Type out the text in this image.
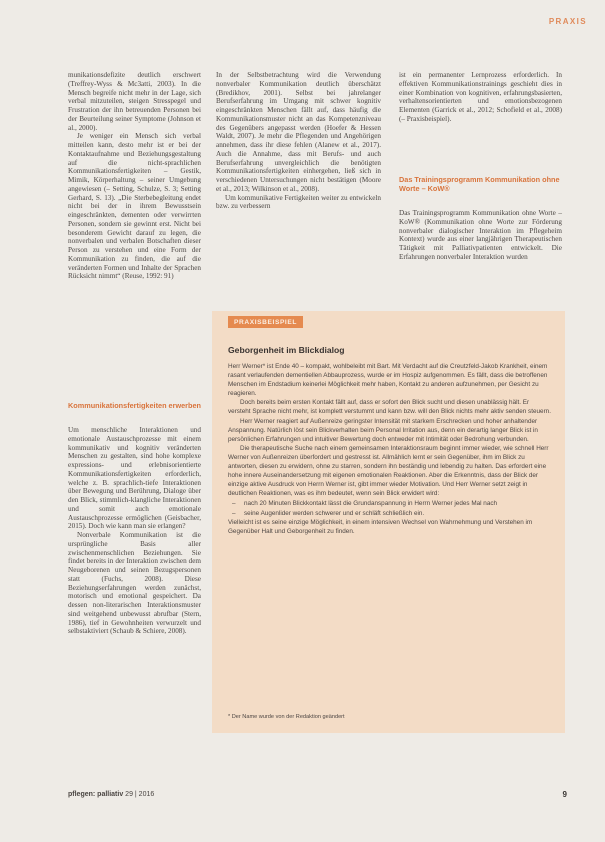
PRAXIS

munikationsdefizite deutlich erschwert (Treffrey-Wyss & Mc3atti, 2003). In die Mensch begreife nicht mehr in der Lage, sich verbal mitzuteilen, steigen Stresspegel und Frustration der ihn betreuenden Personen bei der Beurteilung seiner Symptome (Johnson et al., 2000).

Je weniger ein Mensch sich verbal mitteilen kann, desto mehr ist er bei der Kontaktaufnahme und Beziehungsgestaltung auf die nicht-sprachlichen Kommunikationsfertigkeiten – Gestik, Mimik, Körperhaltung – seiner Umgebung angewiesen (– Setting, Schulze, S. 3; Setting Gerhard, S. 13). „Die Sterbebegleitung endet nicht bei der in ihrem Bewusstsein eingeschränkten, dementen oder verwirrten Personen, sondern sie gewinnt erst. Nicht bei besonderem Gewicht darauf zu legen, die nonverbalen und verbalen Botschaften dieser Person zu verstehen und eine Form der Kommunikation zu finden, die auf die veränderten Formen und Inhalte der Sprachen Rücksicht nimmt“ (Reuse, 1992: 91)

Kommunikationsfertigkeiten erwerben

Um menschliche Interaktionen und emotionale Austauschprozesse mit einem kommunikativ und kognitiv veränderten Menschen zu gestalten, sind hohe komplexe expressions- und erlebnisorientierte Kommunikationsfertigkeiten erforderlich, welche z. B. sprachlich-tiefe Interaktionen über Bewegung und Berührung, Dialoge über den Blick, stimmlich-klangliche Interaktionen und somit auch emotionale Austauschprozesse ermöglichen (Geisbacher, 2015). Doch wie kann man sie erlangen?

Nonverbale Kommunikation ist die ursprüngliche Basis aller zwischenmenschlichen Beziehungen. Sie findet bereits in der Interaktion zwischen dem Neugeborenen und seinen Bezugspersonen statt (Fuchs, 2008). Diese Beziehungserfahrungen werden zunächst, motorisch und emotional gespeichert. Da dessen non-literarischen Interaktionsmuster sind weitgehend unbewusst abrufbar (Stern, 1986), tief in Gewohnheiten verwurzelt und selbstaktiviert (Schaub & Schiere, 2008).

In der Selbstbetrachtung wird die Verwendung nonverbaler Kommunikation deutlich überschätzt (Bredikhov, 2001). Selbst bei jahrelanger Berufserfahrung im Umgang mit schwer kognitiv eingeschränkten Menschen fällt auf, dass häufig die Kommunikationsmuster nicht an das Kompetenzniveau des Gegenübers angepasst werden (Hoefer & Hessen Waldt, 2007). Je mehr die Pflegenden und Angehörigen annehmen, dass ihr diese fehlen (Alanew et al., 2017). Auch die Annahme, dass mit Berufs- und auch Berufserfahrung unvergleichlich die benötigten Kommunikationsfertigkeiten einhergehen, ließ sich in verschiedenen Untersuchungen nicht bestätigen (Moore et al., 2013; Wilkinson et al., 2008).

Um kommunikative Fertigkeiten weiter zu entwickeln bzw. zu verbessern

ist ein permanenter Lernprozess erforderlich. In effektiven Kommunikationstrainings geschieht dies in einer Kombination von kognitiven, erfahrungsbasierten, verhaltensorientierten und emotionsbezogenen Elementen (Garrick et al., 2012; Schofield et al., 2008) (– Praxisbeispiel).

Das Trainingsprogramm Kommunikation ohne Worte – KoW®

Das Trainingsprogramm Kommunikation ohne Worte – KoW® (Kommunikation ohne Worte zur Förderung nonverbaler dialogischer Interaktion im Pflegeheim Kontext) wurde aus einer langjährigen Therapeutischen Tätigkeit mit Palliativpatienten entwickelt. Die Erfahrungen nonverbaler Interaktion wurden

PRAXISBEISPIEL
Geborgenheit im Blickdialog

Herr Werner* ist Ende 40 – kompakt, wohlbeleibt mit Bart. Mit Verdacht auf die Creutzfeld-Jakob Krankheit, einem rasant verlaufenden dementiellen Abbauprozess, wurde er im Hospiz aufgenommen. Es fällt, dass die betroffenen Menschen im Endstadium keinerlei Möglichkeit mehr haben, Kontakt zu anderen aufzunehmen, per Gesicht zu reagieren.

Doch bereits beim ersten Kontakt fällt auf, dass er sofort den Blick sucht und diesen unablässig hält. Er versteht Sprache nicht mehr, ist komplett verstummt und kann bzw. will den Blick nichts mehr aktiv senden steuern.

Herr Werner reagiert auf Außenreize geringster Intensität mit starkem Erschrecken und hoher anhaltender Anspannung. Natürlich löst sein Blickverhalten beim Personal Irritation aus, denn ein derartig langer Blick ist in persönlichen Erfahrungen und intuitiver Bewertung doch entweder mit Intimität oder Bedrohung verbunden.

Die therapeutische Suche nach einem gemeinsamen Interaktionsraum beginnt immer wieder, wie schnell Herr Werner von Außenreizen überfordert und gestresst ist. Allmählich lernt er sein Gegenüber, ihm im Blick zu antworten, diesen zu erwidern, ohne zu starren, sondern ihn beständig und lebendig zu halten. Das erfordert eine hohe innere Auseinandersetzung mit eigenen emotionalen Reaktionen. Aber die Erkenntnis, dass der Blick der einzige aktive Ausdruck von Herrn Werner ist, gibt immer wieder Motivation. Und Herr Werner setzt zeigt in deutlichen Reaktionen, was es ihm bedeutet, wenn sein Blick erwidert wird:

– nach 20 Minuten Blickkontakt lässt die Grundanspannung in Herrn Werner jedes Mal nach
– seine Augenlider werden schwerer und er schläft schließlich ein.

Vielleicht ist es seine einzige Möglichkeit, in einem intensiven Wechsel von Wahrnehmung und Verstehen im Gegenüber Halt und Geborgenheit zu finden.

* Der Name wurde von der Redaktion geändert
pflegen: palliativ 29 | 2016	9
